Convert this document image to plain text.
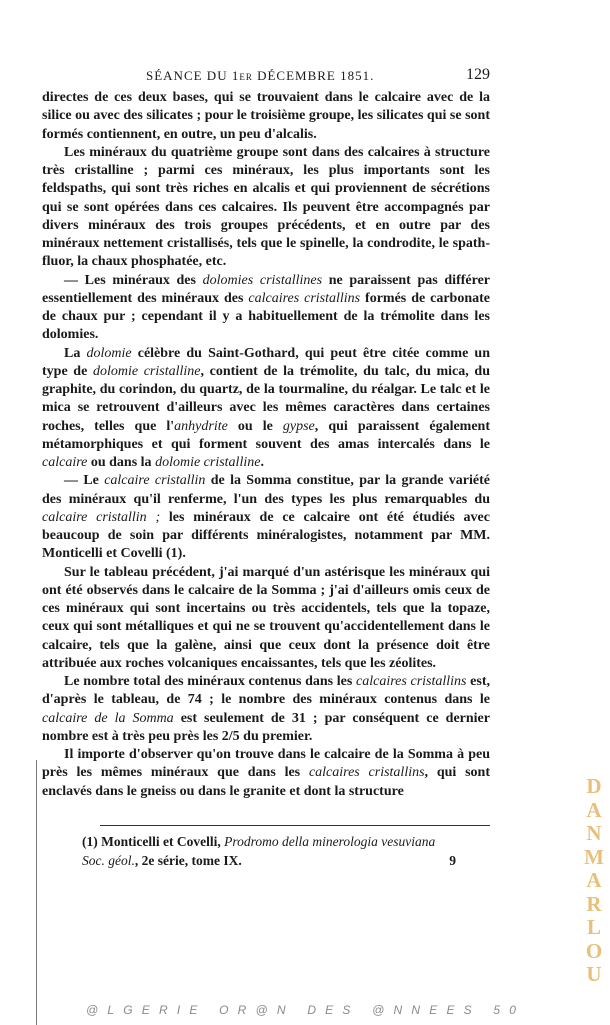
SÉANCE DU 1er DÉCEMBRE 1851.	129

directes de ces deux bases, qui se trouvaient dans le calcaire avec de la silice ou avec des silicates ; pour le troisième groupe, les silicates qui se sont formés contiennent, en outre, un peu d'alcalis.

Les minéraux du quatrième groupe sont dans des calcaires à structure très cristalline ; parmi ces minéraux, les plus importants sont les feldspaths, qui sont très riches en alcalis et qui proviennent de sécrétions qui se sont opérées dans ces calcaires. Ils peuvent être accompagnés par divers minéraux des trois groupes précédents, et en outre par des minéraux nettement cristallisés, tels que le spinelle, la condrodite, le spath-fluor, la chaux phosphatée, etc.

— Les minéraux des dolomies cristallines ne paraissent pas différer essentiellement des minéraux des calcaires cristallins formés de carbonate de chaux pur ; cependant il y a habituellement de la trémolite dans les dolomies.

La dolomie célèbre du Saint-Gothard, qui peut être citée comme un type de dolomie cristalline, contient de la trémolite, du talc, du mica, du graphite, du corindon, du quartz, de la tourmaline, du réalgar. Le talc et le mica se retrouvent d'ailleurs avec les mêmes caractères dans certaines roches, telles que l'anhydrite ou le gypse, qui paraissent également métamorphiques et qui forment souvent des amas intercalés dans le calcaire ou dans la dolomie cristalline.

— Le calcaire cristallin de la Somma constitue, par la grande variété des minéraux qu'il renferme, l'un des types les plus remarquables du calcaire cristallin ; les minéraux de ce calcaire ont été étudiés avec beaucoup de soin par différents minéralogistes, notamment par MM. Monticelli et Covelli (1).

Sur le tableau précédent, j'ai marqué d'un astérisque les minéraux qui ont été observés dans le calcaire de la Somma ; j'ai d'ailleurs omis ceux de ces minéraux qui sont incertains ou très accidentels, tels que la topaze, ceux qui sont métalliques et qui ne se trouvent qu'accidentellement dans le calcaire, tels que la galène, ainsi que ceux dont la présence doit être attribuée aux roches volcaniques encaissantes, tels que les zéolites.

Le nombre total des minéraux contenus dans les calcaires cristallins est, d'après le tableau, de 74 ; le nombre des minéraux contenus dans le calcaire de la Somma est seulement de 31 ; par conséquent ce dernier nombre est à très peu près les 2/5 du premier.

Il importe d'observer qu'on trouve dans le calcaire de la Somma à peu près les mêmes minéraux que dans les calcaires cristallins, qui sont enclavés dans le gneiss ou dans le granite et dont la structure

(1) Monticelli et Covelli, Prodromo della minerologia vesuviana
Soc. géol., 2e série, tome IX.	9
D
A
N
M
A
R
L
O
U
@LGERIE OR@N DES @NNEES 50
